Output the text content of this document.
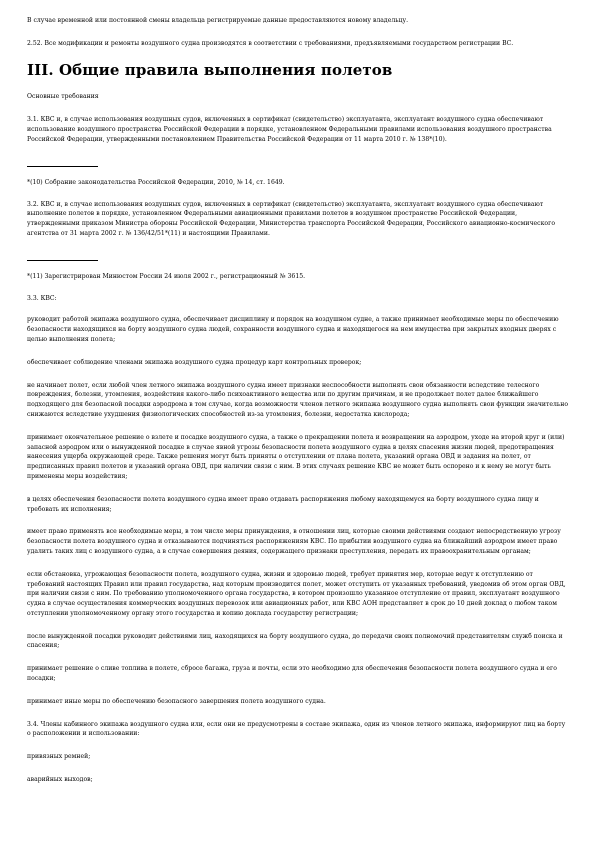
В случае временной или постоянной смены владельца регистрируемые данные предоставляются новому владельцу.

2.52. Все модификации и ремонты воздушного судна производятся в соответствии с требованиями, предъявляемыми государством регистрации ВС.

III. Общие правила выполнения полетов

Основные требования

3.1. КВС и, в случае использования воздушных судов, включенных в сертификат (свидетельство) эксплуатанта, эксплуатант воздушного судна обеспечивают использование воздушного пространства Российской Федерации в порядке, установленном Федеральными правилами использования воздушного пространства Российской Федерации, утвержденными постановлением Правительства Российской Федерации от 11 марта 2010 г. № 138*(10).

*(10) Собрание законодательства Российской Федерации, 2010, № 14, ст. 1649.

3.2. КВС и, в случае использования воздушных судов, включенных в сертификат (свидетельство) эксплуатанта, эксплуатант воздушного судна обеспечивают выполнение полетов в порядке, установленном Федеральными авиационными правилами полетов в воздушном пространстве Российской Федерации, утвержденными приказом Министра обороны Российской Федерации, Министерства транспорта Российской Федерации, Российского авиационно-космического агентства от 31 марта 2002 г. № 136/42/51*(11) и настоящими Правилами.

*(11) Зарегистрирован Минюстом России 24 июля 2002 г., регистрационный № 3615.

3.3. КВС:

руководит работой экипажа воздушного судна, обеспечивает дисциплину и порядок на воздушном судне, а также принимает необходимые меры по обеспечению безопасности находящихся на борту воздушного судна людей, сохранности воздушного судна и находящегося на нем имущества при закрытых входных дверях с целью выполнения полета;

обеспечивает соблюдение членами экипажа воздушного судна процедур карт контрольных проверок;

не начинает полет, если любой член летного экипажа воздушного судна имеет признаки неспособности выполнять свои обязанности вследствие телесного повреждения, болезни, утомления, воздействия какого-либо психоактивного вещества или по другим причинам, и не продолжает полет далее ближайшего подходящего для безопасной посадки аэродрома в том случае, когда возможности членов летного экипажа воздушного судна выполнять свои функции значительно снижаются вследствие ухудшения физиологических способностей из-за утомления, болезни, недостатка кислорода;

принимает окончательное решение о взлете и посадке воздушного судна, а также о прекращении полета и возвращении на аэродром, уходе на второй круг и (или) запасной аэродром или о вынужденной посадке в случае явной угрозы безопасности полета воздушного судна в целях спасения жизни людей, предотвращения нанесения ущерба окружающей среде. Также решения могут быть приняты о отступлении от плана полета, указаний органа ОВД и задания на полет, от предписанных правил полетов и указаний органа ОВД, при наличии связи с ним. В этих случаях решение КВС не может быть оспорено и к нему не могут быть применены меры воздействия;

в целях обеспечения безопасности полета воздушного судна имеет право отдавать распоряжения любому находящемуся на борту воздушного судна лицу и требовать их исполнения;

имеет право применять все необходимые меры, в том числе меры принуждения, в отношении лиц, которые своими действиями создают непосредственную угрозу безопасности полета воздушного судна и отказываются подчиняться распоряжениям КВС. По прибытии воздушного судна на ближайший аэродром имеет право удалить таких лиц с воздушного судна, а в случае совершения деяния, содержащего признаки преступления, передать их правоохранительным органам;

если обстановка, угрожающая безопасности полета, воздушного судна, жизни и здоровью людей, требует принятия мер, которые ведут к отступлению от требований настоящих Правил или правил государства, над которым производится полет, может отступить от указанных требований, уведомив об этом орган ОВД, при наличии связи с ним. По требованию уполномоченного органа государства, в котором произошло указанное отступление от правил, эксплуатант воздушного судна в случае осуществления коммерческих воздушных перевозок или авиационных работ, или КВС АОН представляет в срок до 10 дней доклад о любом таком отступлении уполномоченному органу этого государства и копию доклада государству регистрации;

после вынужденной посадки руководит действиями лиц, находящихся на борту воздушного судна, до передачи своих полномочий представителям служб поиска и спасения;

принимает решение о сливе топлива в полете, сбросе багажа, груза и почты, если это необходимо для обеспечения безопасности полета воздушного судна и его посадки;

принимает иные меры по обеспечению безопасного завершения полета воздушного судна.

3.4. Члены кабинного экипажа воздушного судна или, если они не предусмотрены в составе экипажа, один из членов летного экипажа, информируют лиц на борту о расположении и использовании:

привязных ремней;

аварийных выходов;
